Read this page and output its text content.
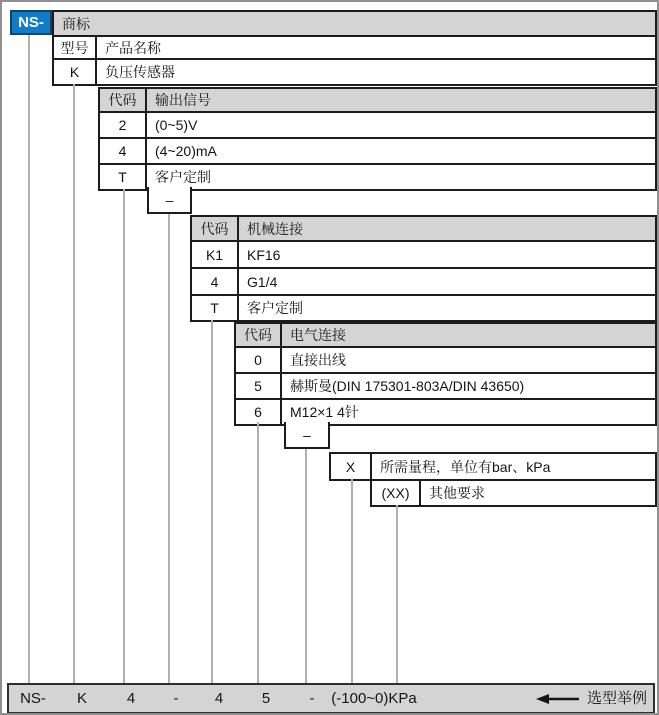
NS- 商标	
型号	产品名称
K	负压传感器
代码	输出信号
2	(0~5)V
4	(4~20)mA
T	客户定制
–
代码	机械连接
K1	KF16
4	G1/4
T	客户定制
代码	电气连接
0	直接出线
5	赫斯曼(DIN 175301-803A/DIN 43650)
6	M12×1 4针
–
X	所需量程，单位有bar、kPa
(XX)	其他要求
NS- K	4	- 4	5	- (-100~0)KPa	选型举例
